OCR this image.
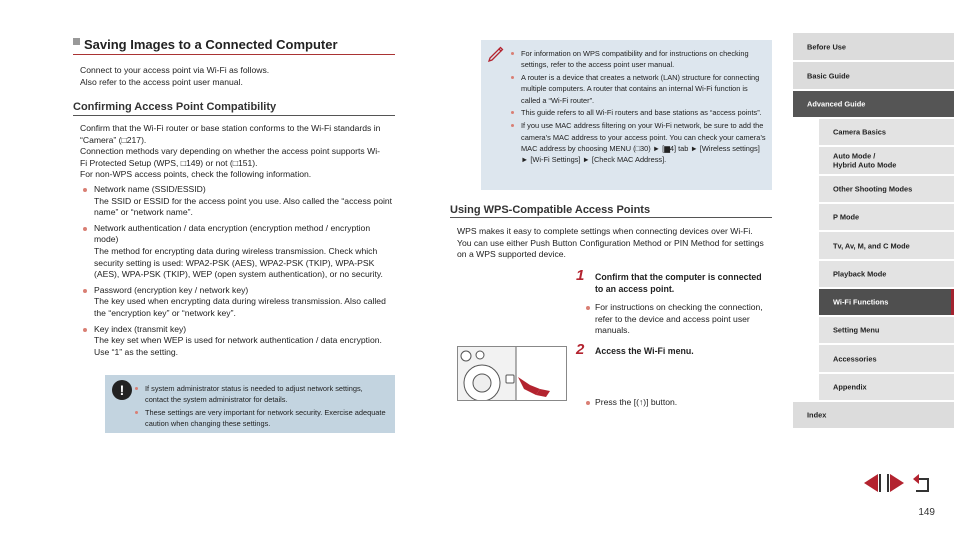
Saving Images to a Connected Computer
Connect to your access point via Wi-Fi as follows.
Also refer to the access point user manual.
Confirming Access Point Compatibility
Confirm that the Wi-Fi router or base station conforms to the Wi-Fi standards in “Camera” (□217).
Connection methods vary depending on whether the access point supports Wi-Fi Protected Setup (WPS, □149) or not (□151).
For non-WPS access points, check the following information.
Network name (SSID/ESSID)
The SSID or ESSID for the access point you use. Also called the “access point name” or “network name”.
Network authentication / data encryption (encryption method / encryption mode)
The method for encrypting data during wireless transmission. Check which security setting is used: WPA2-PSK (AES), WPA2-PSK (TKIP), WPA-PSK (AES), WPA-PSK (TKIP), WEP (open system authentication), or no security.
Password (encryption key / network key)
The key used when encrypting data during wireless transmission. Also called the “encryption key” or “network key”.
Key index (transmit key)
The key set when WEP is used for network authentication / data encryption. Use “1” as the setting.
!	If system administrator status is needed to adjust network settings, contact the system administrator for details.
These settings are very important for network security. Exercise adequate caution when changing these settings.
For information on WPS compatibility and for instructions on checking settings, refer to the access point user manual.
A router is a device that creates a network (LAN) structure for connecting multiple computers. A router that contains an internal Wi-Fi function is called a “Wi-Fi router”.
This guide refers to all Wi-Fi routers and base stations as “access points”.
If you use MAC address filtering on your Wi-Fi network, be sure to add the camera’s MAC address to your access point. You can check your camera’s MAC address by choosing MENU (□30) ► [▆4] tab ► [Wireless settings] ► [Wi-Fi Settings] ► [Check MAC Address].
Using WPS-Compatible Access Points
WPS makes it easy to complete settings when connecting devices over Wi-Fi. You can use either Push Button Configuration Method or PIN Method for settings on a WPS supported device.
1 Confirm that the computer is connected to an access point.
For instructions on checking the connection, refer to the device and access point user manuals.
2 Access the Wi-Fi menu.
Press the [(↑)] button.
Before Use
Basic Guide
Advanced Guide
Camera Basics
Auto Mode /
Hybrid Auto Mode
Other Shooting Modes
P Mode
Tv, Av, M, and C Mode
Playback Mode
Wi-Fi Functions
Setting Menu
Accessories
Appendix
Index
149
